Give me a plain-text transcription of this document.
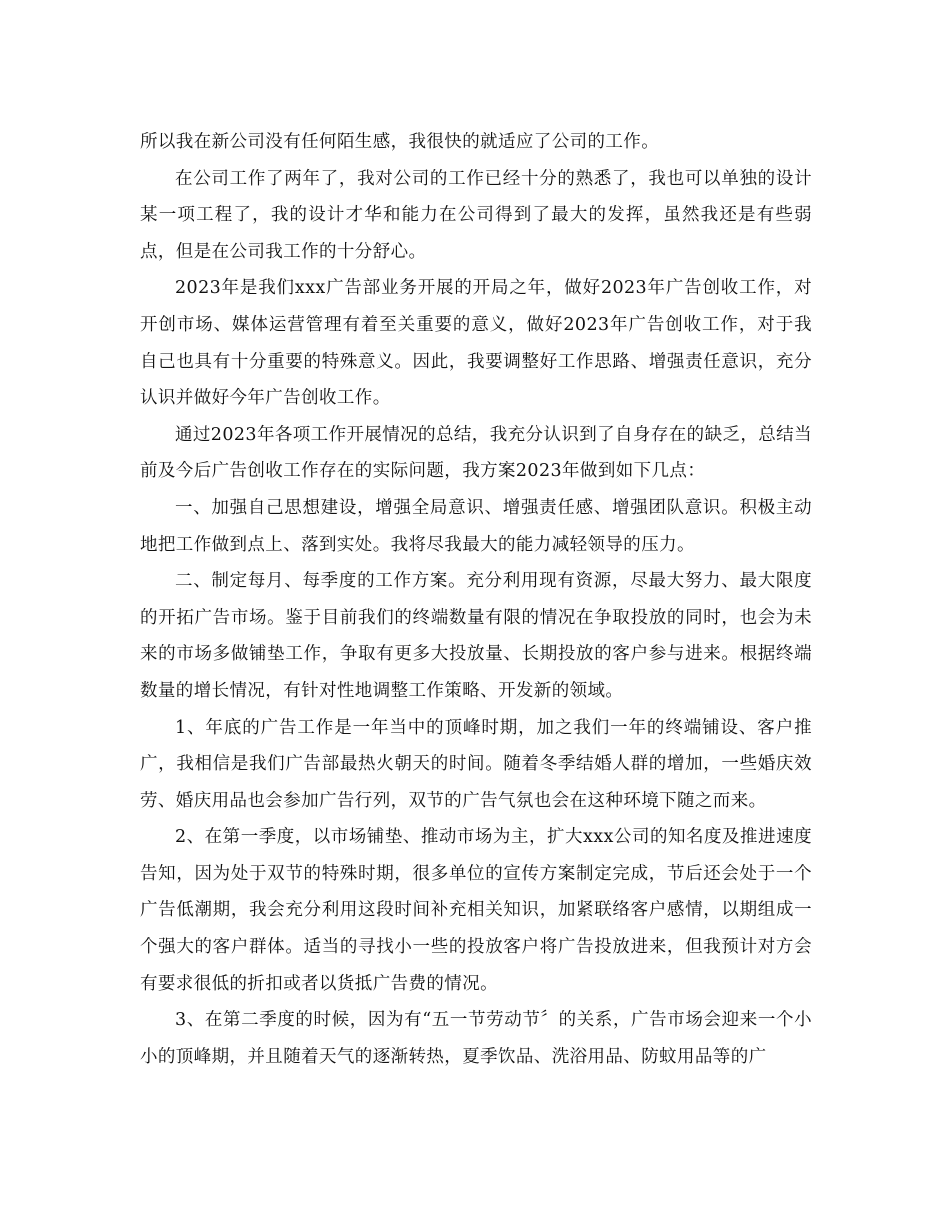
所以我在新公司没有任何陌生感，我很快的就适应了公司的工作。

在公司工作了两年了，我对公司的工作已经十分的熟悉了，我也可以单独的设计某一项工程了，我的设计才华和能力在公司得到了最大的发挥，虽然我还是有些弱点，但是在公司我工作的十分舒心。

2023年是我们xxx广告部业务开展的开局之年，做好2023年广告创收工作，对开创市场、媒体运营管理有着至关重要的意义，做好2023年广告创收工作，对于我自己也具有十分重要的特殊意义。因此，我要调整好工作思路、增强责任意识，充分认识并做好今年广告创收工作。

通过2023年各项工作开展情况的总结，我充分认识到了自身存在的缺乏，总结当前及今后广告创收工作存在的实际问题，我方案2023年做到如下几点：

一、加强自己思想建设，增强全局意识、增强责任感、增强团队意识。积极主动地把工作做到点上、落到实处。我将尽我最大的能力减轻领导的压力。

二、制定每月、每季度的工作方案。充分利用现有资源，尽最大努力、最大限度的开拓广告市场。鉴于目前我们的终端数量有限的情况在争取投放的同时，也会为未来的市场多做铺垫工作，争取有更多大投放量、长期投放的客户参与进来。根据终端数量的增长情况，有针对性地调整工作策略、开发新的领域。

1、年底的广告工作是一年当中的顶峰时期，加之我们一年的终端铺设、客户推广，我相信是我们广告部最热火朝天的时间。随着冬季结婚人群的增加，一些婚庆效劳、婚庆用品也会参加广告行列，双节的广告气氛也会在这种环境下随之而来。

2、在第一季度，以市场铺垫、推动市场为主，扩大xxx公司的知名度及推进速度告知，因为处于双节的特殊时期，很多单位的宣传方案制定完成，节后还会处于一个广告低潮期，我会充分利用这段时间补充相关知识，加紧联络客户感情，以期组成一个强大的客户群体。适当的寻找小一些的投放客户将广告投放进来，但我预计对方会有要求很低的折扣或者以货抵广告费的情况。

3、在第二季度的时候，因为有“五一节劳动节〞的关系，广告市场会迎来一个小小的顶峰期，并且随着天气的逐渐转热，夏季饮品、洗浴用品、防蚊用品等的广
